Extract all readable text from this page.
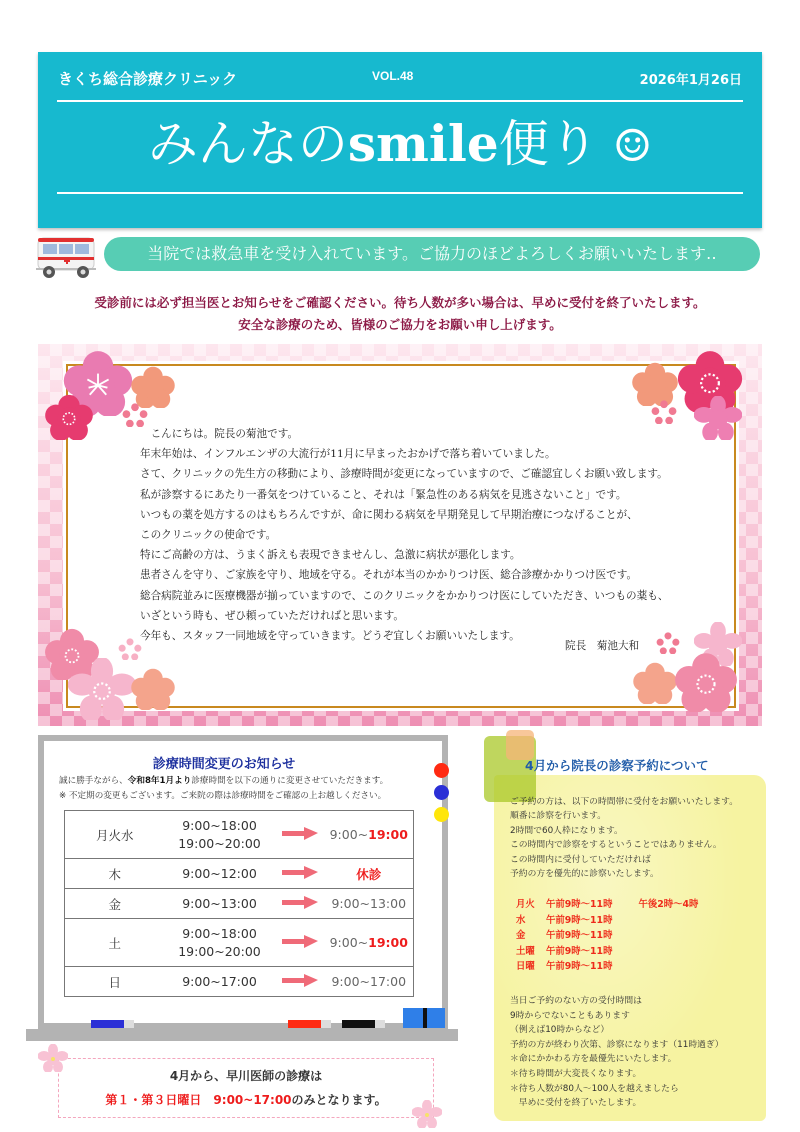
きくち総合診療クリニック	VOL.48	2026年1月26日
みんなのsmile便り ☺
当院では救急車を受け入れています。ご協力のほどよろしくお願いいたします‥
受診前には必ず担当医とお知らせをご確認ください。待ち人数が多い場合は、早めに受付を終了いたします。
安全な診療のため、皆様のご協力をお願い申し上げます。
　こんにちは。院長の菊池です。
年末年始は、インフルエンザの大流行が11月に早まったおかげで落ち着いていました。
さて、クリニックの先生方の移動により、診療時間が変更になっていますので、ご確認宜しくお願い致します。
私が診察するにあたり一番気をつけていること、それは「緊急性のある病気を見逃さないこと」です。
いつもの薬を処方するのはもちろんですが、命に関わる病気を早期発見して早期治療につなげることが、
このクリニックの使命です。
特にご高齢の方は、うまく訴えも表現できませんし、急激に病状が悪化します。
患者さんを守り、ご家族を守り、地域を守る。それが本当のかかりつけ医、総合診療かかりつけ医です。
総合病院並みに医療機器が揃っていますので、このクリニックをかかりつけ医にしていただき、いつもの薬も、
いざという時も、ぜひ頼っていただければと思います。
今年も、スタッフ一同地域を守っていきます。どうぞ宜しくお願いいたします。
院長　菊池大和
診療時間変更のお知らせ
誠に勝手ながら、令和8年1月より診療時間を以下の通りに変更させていただきます。
※ 不定期の変更もございます。ご来院の際は診療時間をご確認の上お越しください。
月火水	9:00~18:00
19:00~20:00		9:00~19:00
木	9:00~12:00		休診
金	9:00~13:00		9:00~13:00
土	9:00~18:00
19:00~20:00		9:00~19:00
日	9:00~17:00		9:00~17:00
4月から、早川医師の診療は
第１・第３日曜日　9:00~17:00のみとなります。
4月から院長の診察予約について
ご予約の方は、以下の時間帯に受付をお願いいたします。
順番に診察を行います。
2時間で60人枠になります。
この時間内で診察をするということではありません。
この時間内に受付していただければ
予約の方を優先的に診察いたします。
月火 午前9時～11時	午後2時～4時
水 午前9時～11時
金 午前9時～11時
土曜 午前9時～11時
日曜 午前9時～11時
当日ご予約のない方の受付時間は
9時からでないこともあります
（例えば10時からなど）
予約の方が終わり次第、診察になります（11時過ぎ）
＊命にかかわる方を最優先にいたします。
＊待ち時間が大変長くなります。
＊待ち人数が80人～100人を越えましたら
　早めに受付を終了いたします。
